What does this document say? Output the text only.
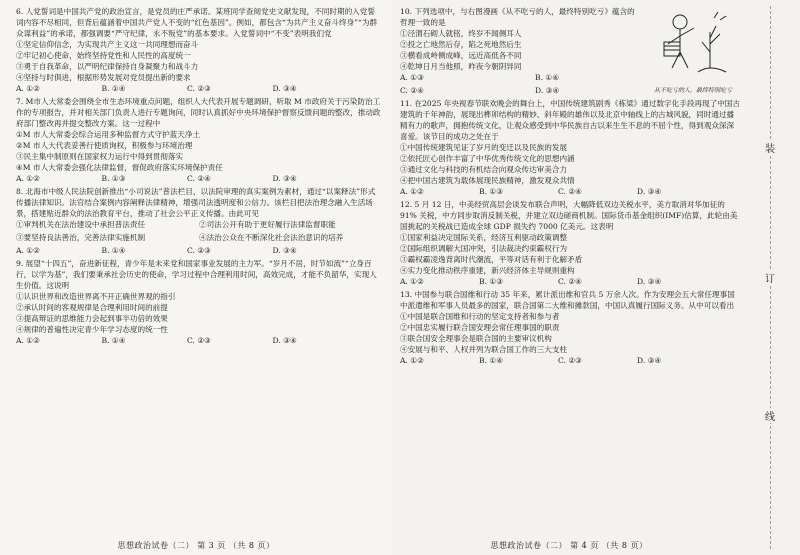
6. 人党誓词是中国共产党的政治宣言，是党员的庄严承诺。某班同学查阅党史文献发现，不同时期的入党誓词内容不尽相同，但背后蕴涵着中国共产党人不变的“红色基因”。例如，都包含“为共产主义奋斗终身”“为群众谋利益”的承诺，都强调要“严守纪律，永不叛党”的基本要求。入党誓词中“不变”表明我们党

①坚定信仰信念，为实现共产主义这一共同理想而奋斗

②牢记初心使命，始终坚持党性和人民性的高度统一

③勇于自我革命，以严明纪律保持自身凝聚力和战斗力

④坚持与时俱进，根据形势发展对党员提出新的要求

A. ①②	B. ①④	C. ②③	D. ③④

7. M市人大常委会围绕全市生态环境重点问题，组织人大代表开展专题调研，听取 M 市政府关于污染防治工作的专项报告，并对相关部门负责人进行专题询问，同时认真抓好中央环境保护督察反馈问题的整改，推动政府部门整改再并提交整改方案。这一过程中

①M 市人大常委会综合运用多种监督方式守护蓝天净土

②M 市人大代表妥善行使质询权，积极参与环境治理

③民主集中制原则在国家权力运行中得到贯彻落实

④M 市人大常委会强化法律监督，督促政府落实环境保护责任

A. ①②	B. ①③	C. ②④	D. ③④

8. 北海市中级人民法院创新推出“小司说法”普法栏目，以法院审理的真实案例为素材，通过“以案释法”形式传播法律知识。法官结合案例内容阐释法律精神，增强司法透明度和公信力。该栏目把法治理念融入生活场景，搭建贴近群众的法治教育平台，推动了社会公平正义传播。由此可见

①审判机关在法治建设中承担普法责任	②司法公开有助于更好履行法律监督职能
③要坚持良法善治，完善法律实施机制	④法治公众在不断深化社会法治意识的培养
A. ①②	B. ①④	C. ②③	D. ③④

9. 展望“十四五”，奋进新征程，青少年是未来党和国家事业发展的主力军。“岁月不居，时节如流”“立身百行，以学为基”，我们要秉承社会历史的使命，学习过程中合理利用时间，高效完成，才能不负韶华，实现人生价值。这说明

①认识世界和改造世界离不开正确世界观的指引

②承认时间的客观规律是合理利用时间的前提

③提高辩证的思维能力会起到事半功倍的效果

④规律的普遍性决定青少年学习态度的统一性

A. ①②	B. ①④	C. ②③	D. ③④
思想政治试卷（二） 第 3 页 （共 8 页）

10. 下列选项中，与右图漫画《从不吃亏的人，最终特别吃亏》蕴含的哲理一致的是

①泾渭石砌人就铭，终岁不闻侧耳人

②投之亡地然后存，陷之死地然后生

③横看成岭侧成峰，远近高低各不同

④乾坤日月当他照，昨夜今朝阴异同

A. ①③	B. ①④
C. ②④	D. ③④	从不吃亏的人，最终特别吃亏

11. 在2025 年央视春节联欢晚会的舞台上，中国传统建筑剧秀《栋梁》通过数字化手段再现了中国古建筑的千年神韵，展现出榫卯结构的精妙、斜年殿的雄伟以及北京中轴线上的古城风貌，同时通过播精有力的歌声，拥抱传统文化，让观众感受到中华民族自古以来生生不息的不屈个性，得到观众深深喜爱。该节目的成功之处在于

①中国传统建筑见证了岁月的变迁以及民族的发展

②依托匠心创作丰富了中华优秀传统文化的思想内涵

③通过文化与科技的有机结合向观众传达审美合力

④把中国古建筑为载体展现民族精神，激发观众共情

A. ①②	B. ①③	C. ②④	D. ③④

12. 5 月 12 日，中美经贸高层会谈发布联合声明，大幅降低双边关税水平，美方取消对华加征的 91% 关税，中方同步取消反制关税，并建立双边磋商机制。国际货币基金组织(IMF)估算，此轮由美国挑起的关税战已造成全球 GDP 损失约 7000 亿美元。这表明

①国家利益决定国际关系，经济互利驱动政策调整

②国际组织调解大国冲突，引法裁决约束霸权行为

③霸权霸凌逸背离时代潮流，平等对话有利于化解矛盾

④实力变化推动秩序重建，新兴经济体主导规则重构

A. ①②	B. ①③	C. ②④	D. ③④

13. 中国参与联合国维和行动 35 年来，累计派出维和官兵 5 万余人次。作为安理会五大常任理事国中派遣维和军事人员最多的国家，联合国第二大维和摊款国，中国认真履行国际义务。从中可以看出

①中国是联合国维和行动的坚定支持者和参与者

②中国忠实履行联合国安理会常任理事国的职责

③联合国安全理事会是联合国的主要审议机构

④安展与和平、人权并列为联合国工作的三大支柱

A. ①②	B. ①④	C. ②③	D. ③④
思想政治试卷（二） 第 4 页 （共 8 页）
装
订
线
